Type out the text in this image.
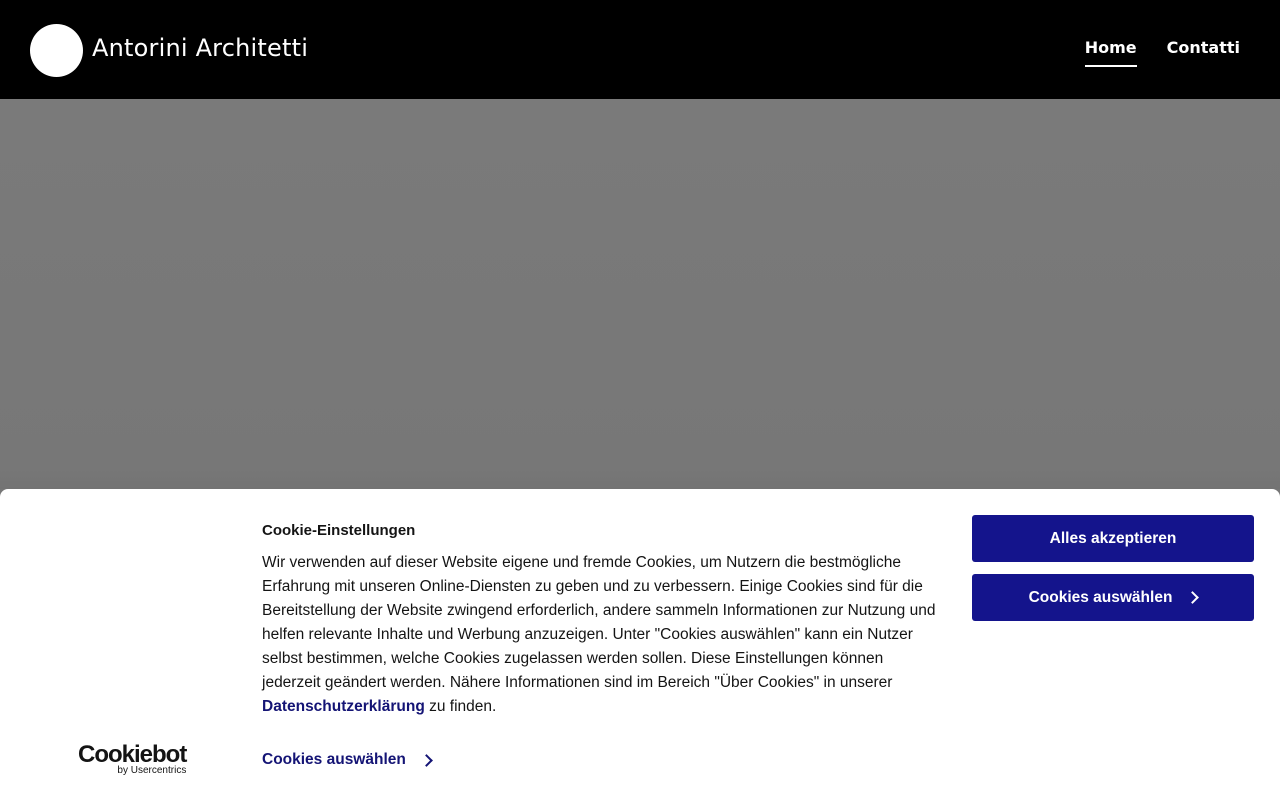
Antorini Architetti	Home Contatti
Cookiebot
by Usercentrics
Cookie-Einstellungen
Wir verwenden auf dieser Website eigene und fremde Cookies, um Nutzern die bestmögliche Erfahrung mit unseren Online-Diensten zu geben und zu verbessern. Einige Cookies sind für die Bereitstellung der Website zwingend erforderlich, andere sammeln Informationen zur Nutzung und helfen relevante Inhalte und Werbung anzuzeigen. Unter "Cookies auswählen" kann ein Nutzer selbst bestimmen, welche Cookies zugelassen werden sollen. Diese Einstellungen können jederzeit geändert werden. Nähere Informationen sind im Bereich "Über Cookies" in unserer Datenschutzerklärung zu finden.
Cookies auswählen
Alles akzeptieren
Cookies auswählen
